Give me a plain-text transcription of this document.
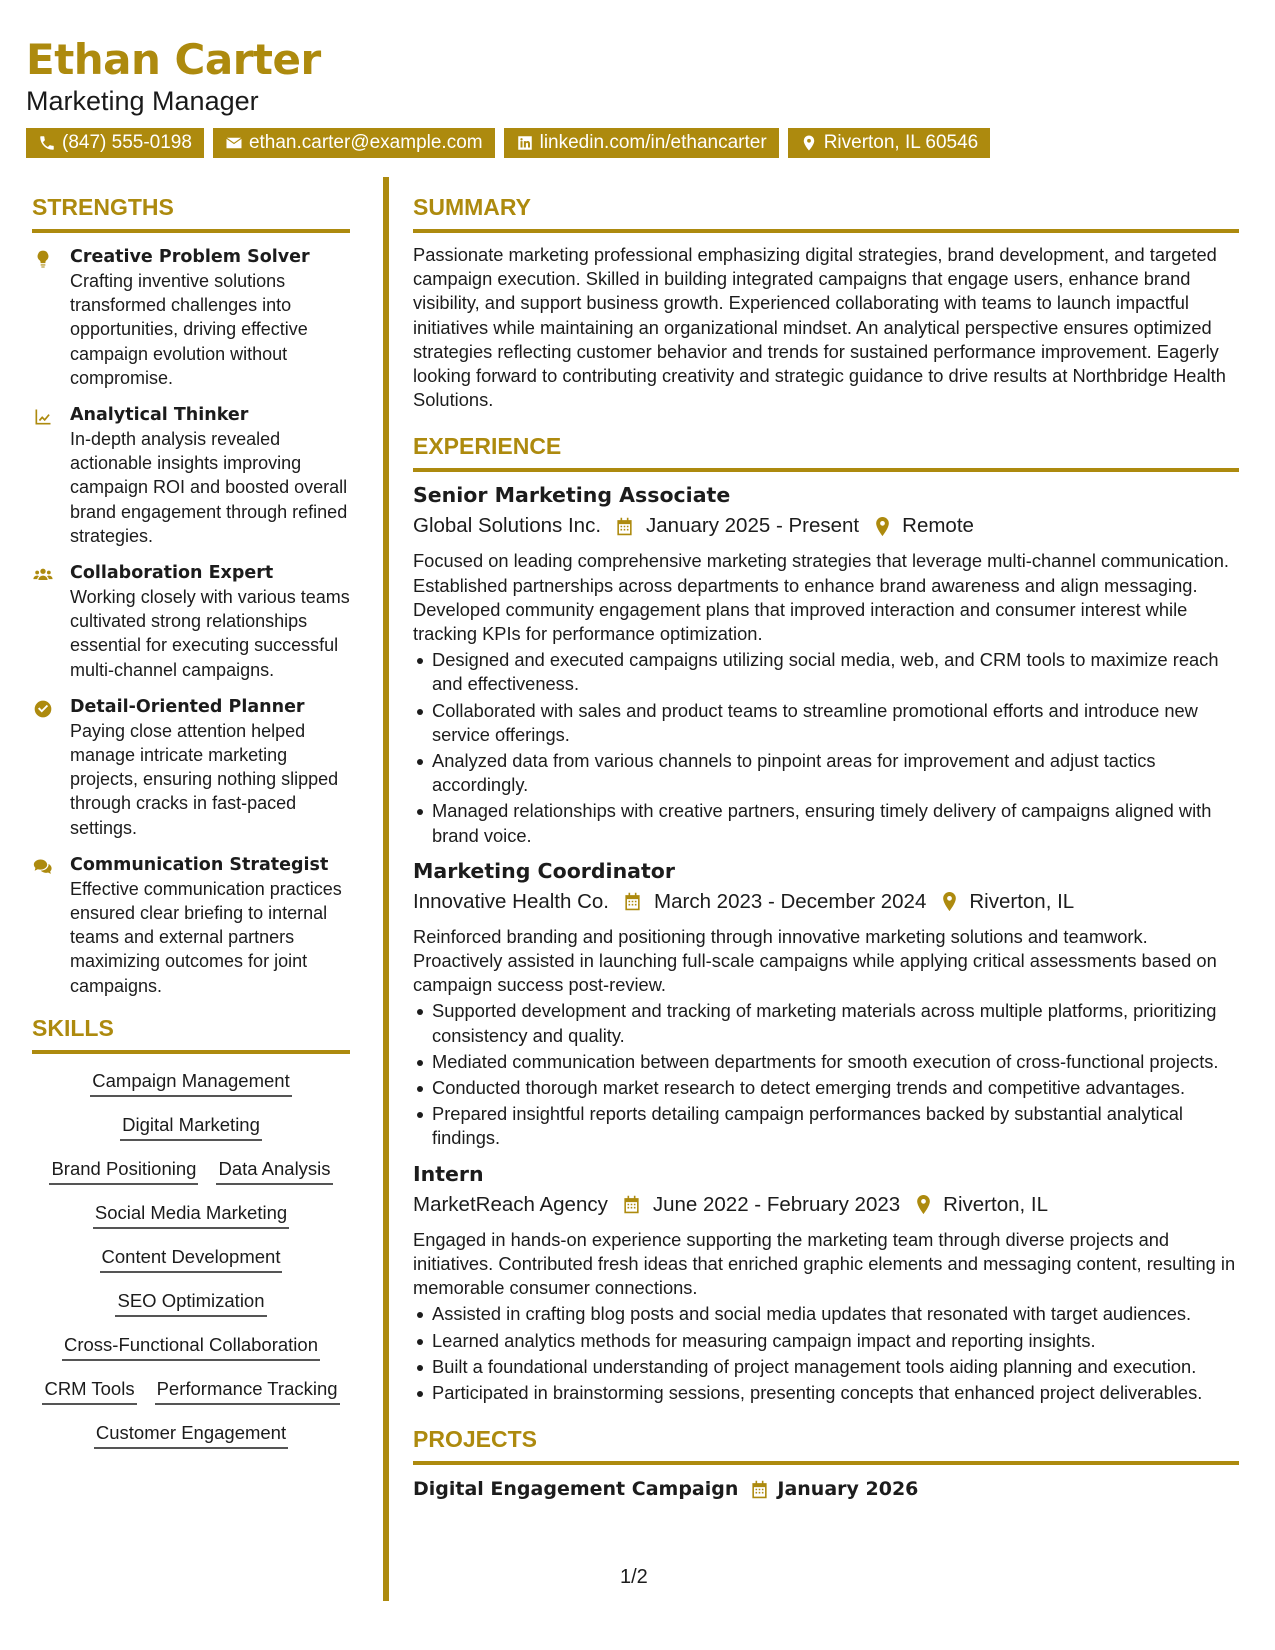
Ethan Carter
Marketing Manager
(847) 555-0198	ethan.carter@example.com	linkedin.com/in/ethancarter	Riverton, IL 60546
STRENGTHS
Creative Problem Solver
Crafting inventive solutions transformed challenges into opportunities, driving effective campaign evolution without compromise.
Analytical Thinker
In-depth analysis revealed actionable insights improving campaign ROI and boosted overall brand engagement through refined strategies.
Collaboration Expert
Working closely with various teams cultivated strong relationships essential for executing successful multi-channel campaigns.
Detail-Oriented Planner
Paying close attention helped manage intricate marketing projects, ensuring nothing slipped through cracks in fast-paced settings.
Communication Strategist
Effective communication practices ensured clear briefing to internal teams and external partners maximizing outcomes for joint campaigns.
SKILLS
Campaign Management
Digital Marketing
Brand Positioning Data Analysis
Social Media Marketing
Content Development
SEO Optimization
Cross-Functional Collaboration
CRM Tools Performance Tracking
Customer Engagement
SUMMARY
Passionate marketing professional emphasizing digital strategies, brand development, and targeted campaign execution. Skilled in building integrated campaigns that engage users, enhance brand visibility, and support business growth. Experienced collaborating with teams to launch impactful initiatives while maintaining an organizational mindset. An analytical perspective ensures optimized strategies reflecting customer behavior and trends for sustained performance improvement. Eagerly looking forward to contributing creativity and strategic guidance to drive results at Northbridge Health Solutions.
EXPERIENCE
Senior Marketing Associate
Global Solutions Inc. January 2025 - Present Remote
Focused on leading comprehensive marketing strategies that leverage multi-channel communication. Established partnerships across departments to enhance brand awareness and align messaging. Developed community engagement plans that improved interaction and consumer interest while tracking KPIs for performance optimization.
Designed and executed campaigns utilizing social media, web, and CRM tools to maximize reach and effectiveness.
Collaborated with sales and product teams to streamline promotional efforts and introduce new service offerings.
Analyzed data from various channels to pinpoint areas for improvement and adjust tactics accordingly.
Managed relationships with creative partners, ensuring timely delivery of campaigns aligned with brand voice.
Marketing Coordinator
Innovative Health Co. March 2023 - December 2024 Riverton, IL
Reinforced branding and positioning through innovative marketing solutions and teamwork. Proactively assisted in launching full-scale campaigns while applying critical assessments based on campaign success post-review.
Supported development and tracking of marketing materials across multiple platforms, prioritizing consistency and quality.
Mediated communication between departments for smooth execution of cross-functional projects.
Conducted thorough market research to detect emerging trends and competitive advantages.
Prepared insightful reports detailing campaign performances backed by substantial analytical findings.
Intern
MarketReach Agency June 2022 - February 2023 Riverton, IL
Engaged in hands-on experience supporting the marketing team through diverse projects and initiatives. Contributed fresh ideas that enriched graphic elements and messaging content, resulting in memorable consumer connections.
Assisted in crafting blog posts and social media updates that resonated with target audiences.
Learned analytics methods for measuring campaign impact and reporting insights.
Built a foundational understanding of project management tools aiding planning and execution.
Participated in brainstorming sessions, presenting concepts that enhanced project deliverables.
PROJECTS
Digital Engagement Campaign January 2026
1/2
